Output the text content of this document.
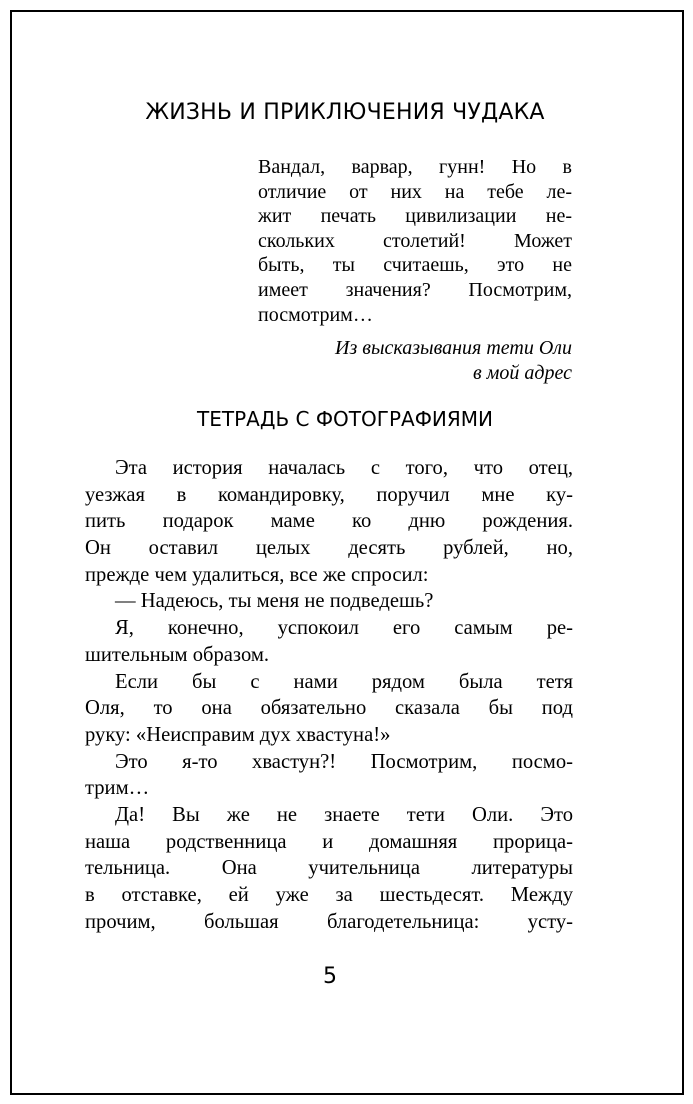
ЖИЗНЬ И ПРИКЛЮЧЕНИЯ ЧУДАКА
Вандал, варвар, гунн! Но в
отличие от них на тебе ле-
жит печать цивилизации не-
скольких столетий! Может
быть, ты считаешь, это не
имеет значения? Посмотрим,
посмотрим…
Из высказывания тети Оли
в мой адрес
ТЕТРАДЬ С ФОТОГРАФИЯМИ
Эта история началась с того, что отец,
уезжая в командировку, поручил мне ку-
пить подарок маме ко дню рождения.
Он оставил целых десять рублей, но,
прежде чем удалиться, все же спросил:
— Надеюсь, ты меня не подведешь?
Я, конечно, успокоил его самым ре-
шительным образом.
Если бы с нами рядом была тетя
Оля, то она обязательно сказала бы под
руку: «Неисправим дух хвастуна!»
Это я-то хвастун?! Посмотрим, посмо-
трим…
Да! Вы же не знаете тети Оли. Это
наша родственница и домашняя прорица-
тельница. Она учительница литературы
в отставке, ей уже за шестьдесят. Между
прочим, большая благодетельница: усту-
5
